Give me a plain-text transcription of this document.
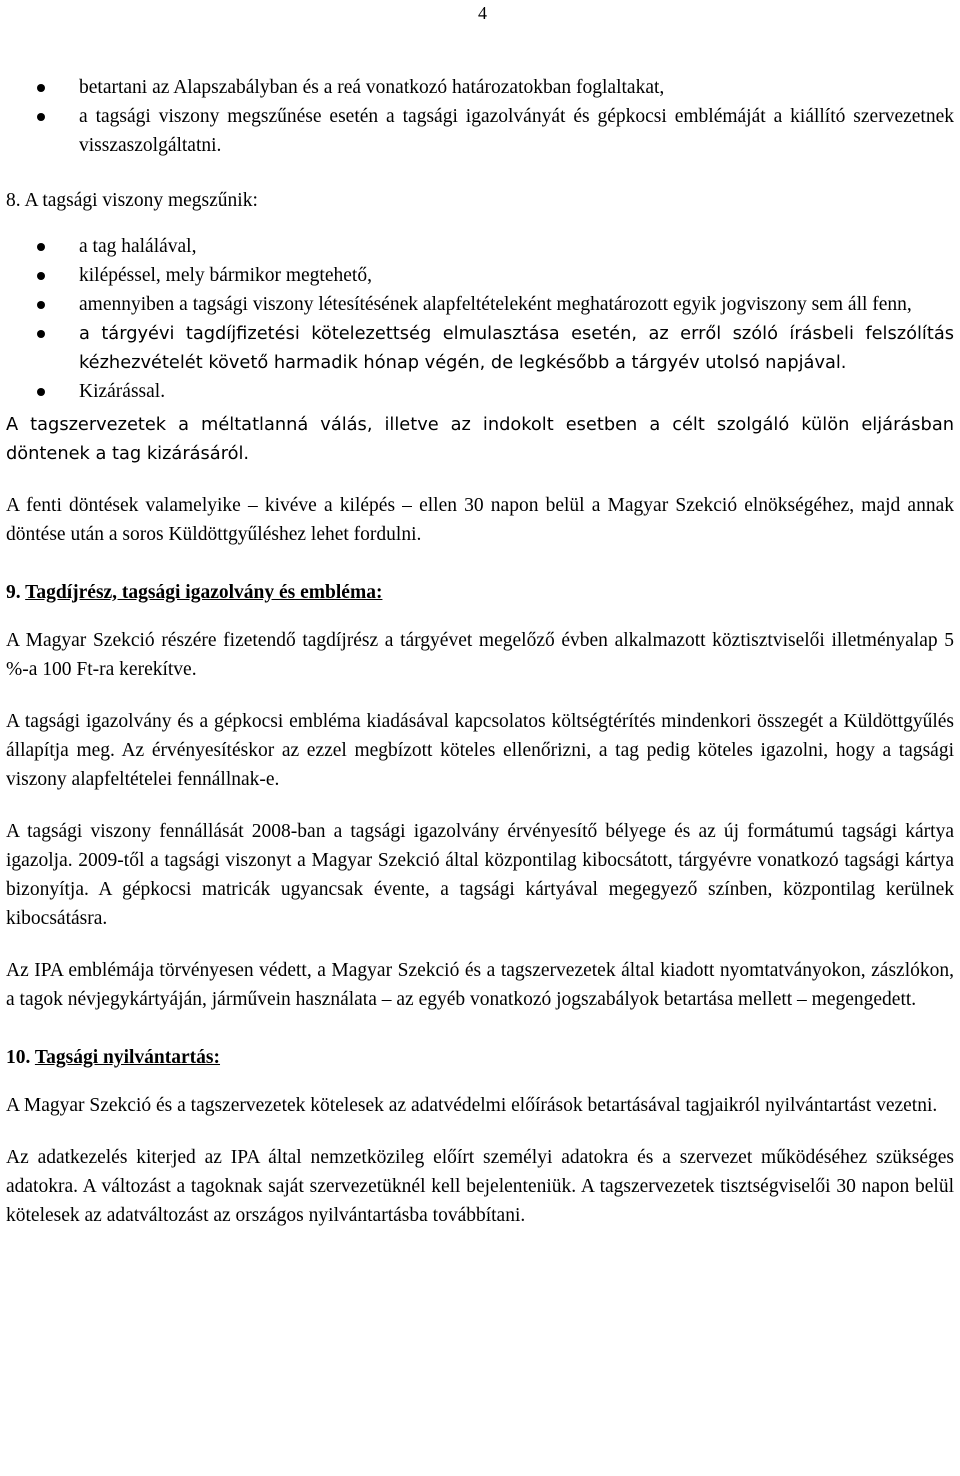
4
betartani az Alapszabályban és a reá vonatkozó határozatokban foglaltakat,
a tagsági viszony megszűnése esetén a tagsági igazolványát és gépkocsi emblémáját a kiállító szervezetnek visszaszolgáltatni.
8. A tagsági viszony megszűnik:
a tag halálával,
kilépéssel, mely bármikor megtehető,
amennyiben a tagsági viszony létesítésének alapfeltételeként meghatározott egyik jogviszony sem áll fenn,
a tárgyévi tagdíjfizetési kötelezettség elmulasztása esetén, az erről szóló írásbeli felszólítás kézhezvételét követő harmadik hónap végén, de legkésőbb a tárgyév utolsó napjával.
Kizárással.

A tagszervezetek a méltatlanná válás, illetve az indokolt esetben a célt szolgáló külön eljárásban döntenek a tag kizárásáról.

A fenti döntések valamelyike – kivéve a kilépés – ellen 30 napon belül a Magyar Szekció elnökségéhez, majd annak döntése után a soros Küldöttgyűléshez lehet fordulni.

9. Tagdíjrész, tagsági igazolvány és embléma:

A Magyar Szekció részére fizetendő tagdíjrész a tárgyévet megelőző évben alkalmazott köztisztviselői illetményalap 5 %-a 100 Ft-ra kerekítve.

A tagsági igazolvány és a gépkocsi embléma kiadásával kapcsolatos költségtérítés mindenkori összegét a Küldöttgyűlés állapítja meg. Az érvényesítéskor az ezzel megbízott köteles ellenőrizni, a tag pedig köteles igazolni, hogy a tagsági viszony alapfeltételei fennállnak-e.

A tagsági viszony fennállását 2008-ban a tagsági igazolvány érvényesítő bélyege és az új formátumú tagsági kártya igazolja. 2009-től a tagsági viszonyt a Magyar Szekció által központilag kibocsátott, tárgyévre vonatkozó tagsági kártya bizonyítja. A gépkocsi matricák ugyancsak évente, a tagsági kártyával megegyező színben, központilag kerülnek kibocsátásra.

Az IPA emblémája törvényesen védett, a Magyar Szekció és a tagszervezetek által kiadott nyomtatványokon, zászlókon, a tagok névjegykártyáján, járművein használata – az egyéb vonatkozó jogszabályok betartása mellett – megengedett.

10. Tagsági nyilvántartás:

A Magyar Szekció és a tagszervezetek kötelesek az adatvédelmi előírások betartásával tagjaikról nyilvántartást vezetni.

Az adatkezelés kiterjed az IPA által nemzetközileg előírt személyi adatokra és a szervezet működéséhez szükséges adatokra. A változást a tagoknak saját szervezetüknél kell bejelenteniük. A tagszervezetek tisztségviselői 30 napon belül kötelesek az adatváltozást az országos nyilvántartásba továbbítani.
